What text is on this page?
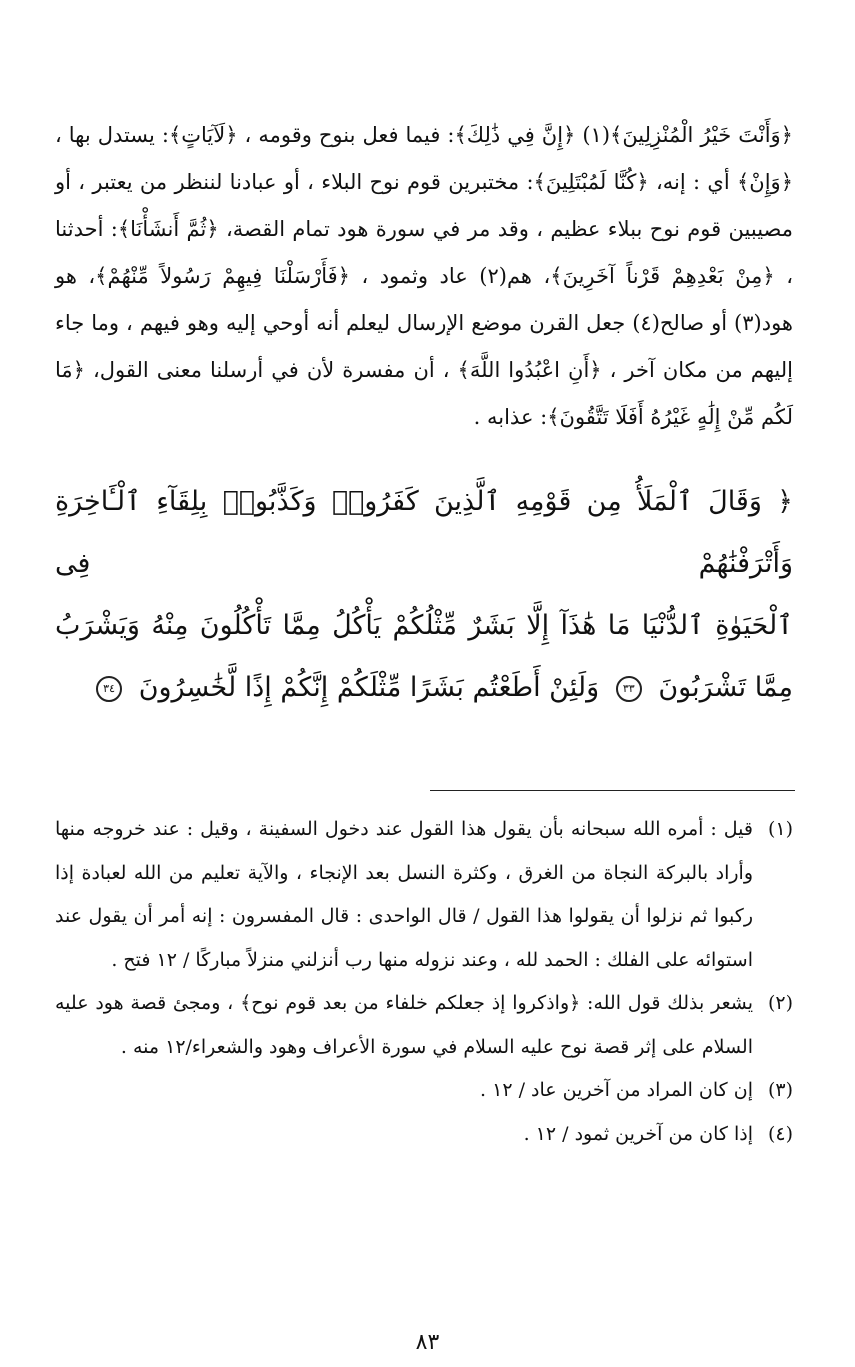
﴿وَأَنْتَ خَيْرُ الْمُنْزِلِينَ﴾(١) ﴿إِنَّ فِي ذَٰلِكَ﴾: فيما فعل بنوح وقومه ، ﴿لَآيَاتٍ﴾: يستدل بها ، ﴿وَإِنْ﴾ أي : إنه، ﴿كُنَّا لَمُبْتَلِينَ﴾: مختبرين قوم نوح البلاء ، أو عبادنا لننظر من يعتبر ، أو مصيبين قوم نوح ببلاء عظيم ، وقد مر في سورة هود تمام القصة، ﴿ثُمَّ أَنشَأْنَا﴾: أحدثنا ، ﴿مِنْ بَعْدِهِمْ قَرْناً آخَرِينَ﴾، هم(٢) عاد وثمود ، ﴿فَأَرْسَلْنَا فِيهِمْ رَسُولاً مِّنْهُمْ﴾، هو هود(٣) أو صالح(٤) جعل القرن موضع الإرسال ليعلم أنه أوحي إليه وهو فيهم ، وما جاء إليهم من مكان آخر ، ﴿أَنِ اعْبُدُوا اللَّهَ﴾ ، أن مفسرة لأن في أرسلنا معنى القول، ﴿مَا لَكُم مِّنْ إِلَٰهٍ غَيْرُهُ أَفَلَا تَتَّقُونَ﴾: عذابه .

﴿ وَقَالَ ٱلْمَلَأُ مِن قَوْمِهِ ٱلَّذِينَ كَفَرُوا۟ وَكَذَّبُوا۟ بِلِقَآءِ ٱلْـَٔاخِرَةِ وَأَتْرَفْنَٰهُمْ فِى

ٱلْحَيَوٰةِ ٱلدُّنْيَا مَا هَٰذَآ إِلَّا بَشَرٌ مِّثْلُكُمْ يَأْكُلُ مِمَّا تَأْكُلُونَ مِنْهُ وَيَشْرَبُ

مِمَّا تَشْرَبُونَ ٣٣ وَلَئِنْ أَطَعْتُم بَشَرًا مِّثْلَكُمْ إِنَّكُمْ إِذًا لَّخَٰسِرُونَ ٣٤

(١)
قيل : أمره الله سبحانه بأن يقول هذا القول عند دخول السفينة ، وقيل : عند خروجه منها وأراد بالبركة النجاة من الغرق ، وكثرة النسل بعد الإنجاء ، والآية تعليم من الله لعبادة إذا ركبوا ثم نزلوا أن يقولوا هذا القول / قال الواحدى : قال المفسرون : إنه أمر أن يقول عند استوائه على الفلك : الحمد لله ، وعند نزوله منها رب أنزلني منزلاً مباركًا / ١٢ فتح .
(٢)
يشعر بذلك قول الله: ﴿واذكروا إذ جعلكم خلفاء من بعد قوم نوح﴾ ، ومجئ قصة هود عليه السلام على إثر قصة نوح عليه السلام في سورة الأعراف وهود والشعراء/١٢ منه .
(٣)
إن كان المراد من آخرين عاد / ١٢ .
(٤)
إذا كان من آخرين ثمود / ١٢ .
٨٣
